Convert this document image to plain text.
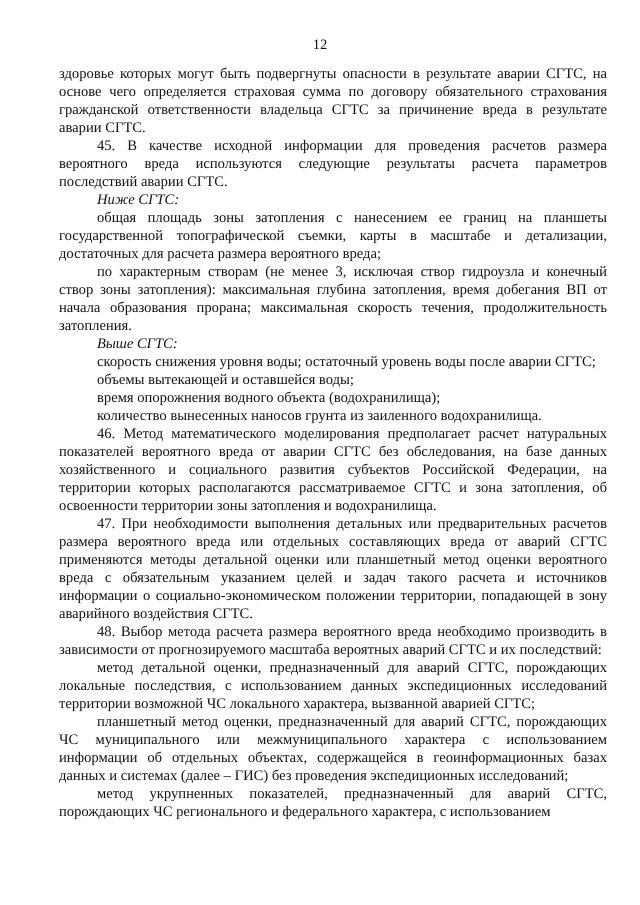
12

здоровье которых могут быть подвергнуты опасности в результате аварии СГТС, на основе чего определяется страховая сумма по договору обязательного страхования гражданской ответственности владельца СГТС за причинение вреда в результате аварии СГТС.

45. В качестве исходной информации для проведения расчетов размера вероятного вреда используются следующие результаты расчета параметров последствий аварии СГТС.

Ниже СГТС:

общая площадь зоны затопления с нанесением ее границ на планшеты государственной топографической съемки, карты в масштабе и детализации, достаточных для расчета размера вероятного вреда;

по характерным створам (не менее 3, исключая створ гидроузла и конечный створ зоны затопления): максимальная глубина затопления, время добегания ВП от начала образования прорана; максимальная скорость течения, продолжительность затопления.

Выше СГТС:

скорость снижения уровня воды; остаточный уровень воды после аварии СГТС;

объемы вытекающей и оставшейся воды;

время опорожнения водного объекта (водохранилища);

количество вынесенных наносов грунта из заиленного водохранилища.

46. Метод математического моделирования предполагает расчет натуральных показателей вероятного вреда от аварии СГТС без обследования, на базе данных хозяйственного и социального развития субъектов Российской Федерации, на территории которых располагаются рассматриваемое СГТС и зона затопления, об освоенности территории зоны затопления и водохранилища.

47. При необходимости выполнения детальных или предварительных расчетов размера вероятного вреда или отдельных составляющих вреда от аварий СГТС применяются методы детальной оценки или планшетный метод оценки вероятного вреда с обязательным указанием целей и задач такого расчета и источников информации о социально-экономическом положении территории, попадающей в зону аварийного воздействия СГТС.

48. Выбор метода расчета размера вероятного вреда необходимо производить в зависимости от прогнозируемого масштаба вероятных аварий СГТС и их последствий:

метод детальной оценки, предназначенный для аварий СГТС, порождающих локальные последствия, с использованием данных экспедиционных исследований территории возможной ЧС локального характера, вызванной аварией СГТС;

планшетный метод оценки, предназначенный для аварий СГТС, порождающих ЧС муниципального или межмуниципального характера с использованием информации об отдельных объектах, содержащейся в геоинформационных базах данных и системах (далее – ГИС) без проведения экспедиционных исследований;

метод укрупненных показателей, предназначенный для аварий СГТС, порождающих ЧС регионального и федерального характера, с использованием
